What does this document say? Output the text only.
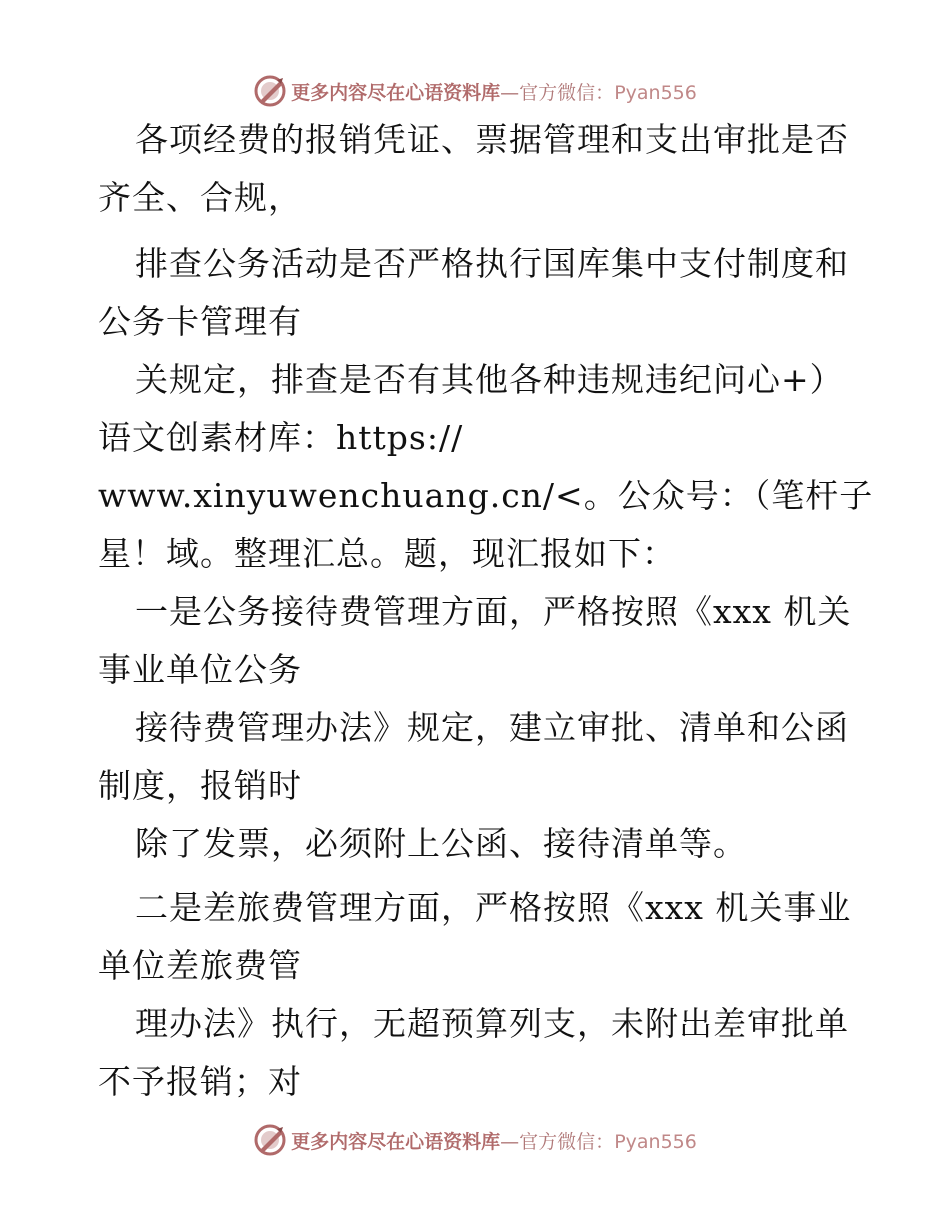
更多内容尽在心语资料库—官方微信：Pyan556
各项经费的报销凭证、票据管理和支出审批是否
齐全、合规，
排查公务活动是否严格执行国库集中支付制度和
公务卡管理有
关规定，排查是否有其他各种违规违纪问心+）
语文创素材库：https://
www.xinyuwenchuang.cn/<。公众号：（笔杆子
星！域。整理汇总。题，现汇报如下：
一是公务接待费管理方面，严格按照《xxx 机关
事业单位公务
接待费管理办法》规定，建立审批、清单和公函
制度，报销时
除了发票，必须附上公函、接待清单等。
二是差旅费管理方面，严格按照《xxx 机关事业
单位差旅费管
理办法》执行，无超预算列支，未附出差审批单
不予报销；对
更多内容尽在心语资料库—官方微信：Pyan556
